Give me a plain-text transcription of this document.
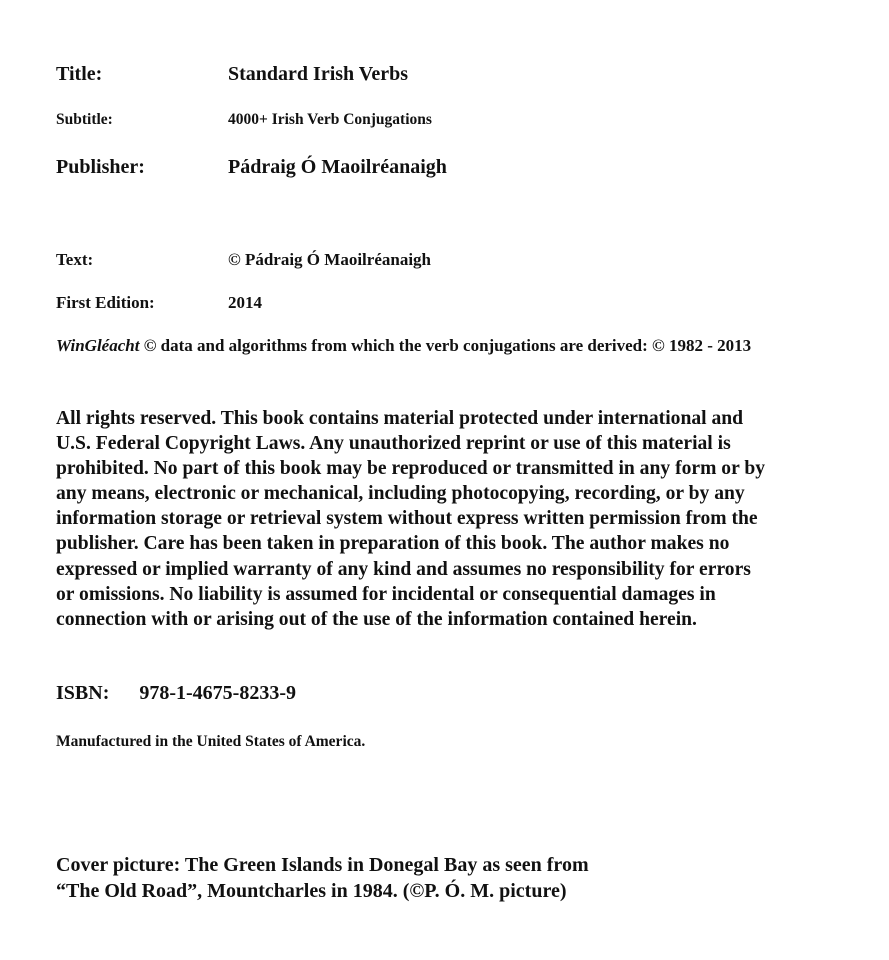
Title:	Standard Irish Verbs
Subtitle:	4000+ Irish Verb Conjugations
Publisher:	Pádraig Ó Maoilréanaigh
Text:	© Pádraig Ó Maoilréanaigh
First Edition:	2014
WinGléacht © data and algorithms from which the verb conjugations are derived: © 1982 - 2013
All rights reserved. This book contains material protected under international and
U.S. Federal Copyright Laws. Any unauthorized reprint or use of this material is
prohibited. No part of this book may be reproduced or transmitted in any form or by
any means, electronic or mechanical, including photocopying, recording, or by any
information storage or retrieval system without express written permission from the
publisher. Care has been taken in preparation of this book. The author makes no
expressed or implied warranty of any kind and assumes no responsibility for errors
or omissions. No liability is assumed for incidental or consequential damages in
connection with or arising out of the use of the information contained herein.
ISBN: 978-1-4675-8233-9
Manufactured in the United States of America.
Cover picture: The Green Islands in Donegal Bay as seen from
“The Old Road”, Mountcharles in 1984. (©P. Ó. M. picture)
